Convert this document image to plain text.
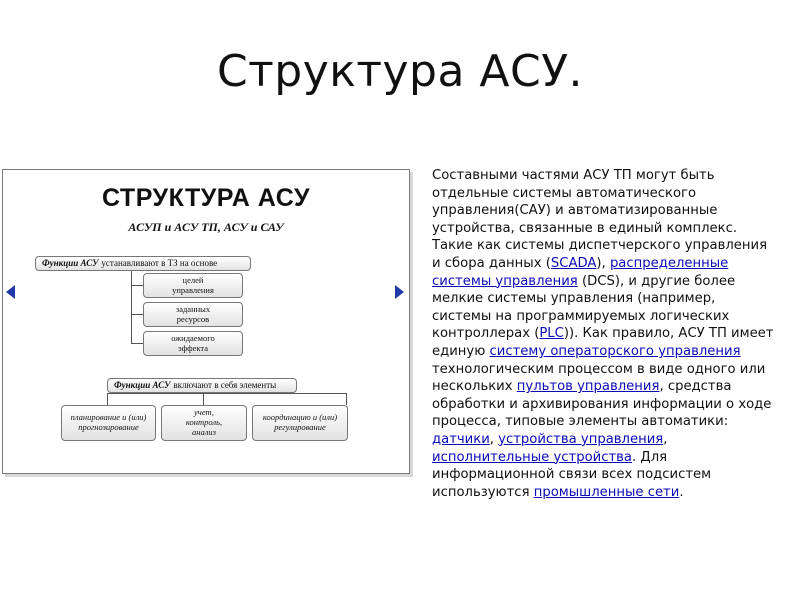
Структура АСУ.
СТРУКТУРА АСУ
АСУП и АСУ ТП, АСУ и САУ
Функции АСУ устанавливают в ТЗ на основе
целей
управления
заданных
ресурсов
ожидаемого
эффекта
Функции АСУ включают в себя элементы
планирование и (или)
прогнозирование
учет,
контроль,
анализ
координацию и (или)
регулирование

Составными частями АСУ ТП могут быть отдельные системы автоматического управления(САУ) и автоматизированные устройства, связанные в единый комплекс. Такие как системы диспетчерского управления и сбора данных (SCADA), распределенные системы управления (DCS), и другие более мелкие системы управления (например, системы на программируемых логических контроллерах (PLC)). Как правило, АСУ ТП имеет единую систему операторского управления технологическим процессом в виде одного или нескольких пультов управления, средства обработки и архивирования информации о ходе процесса, типовые элементы автоматики: датчики, устройства управления, исполнительные устройства. Для информационной связи всех подсистем используются промышленные сети.
